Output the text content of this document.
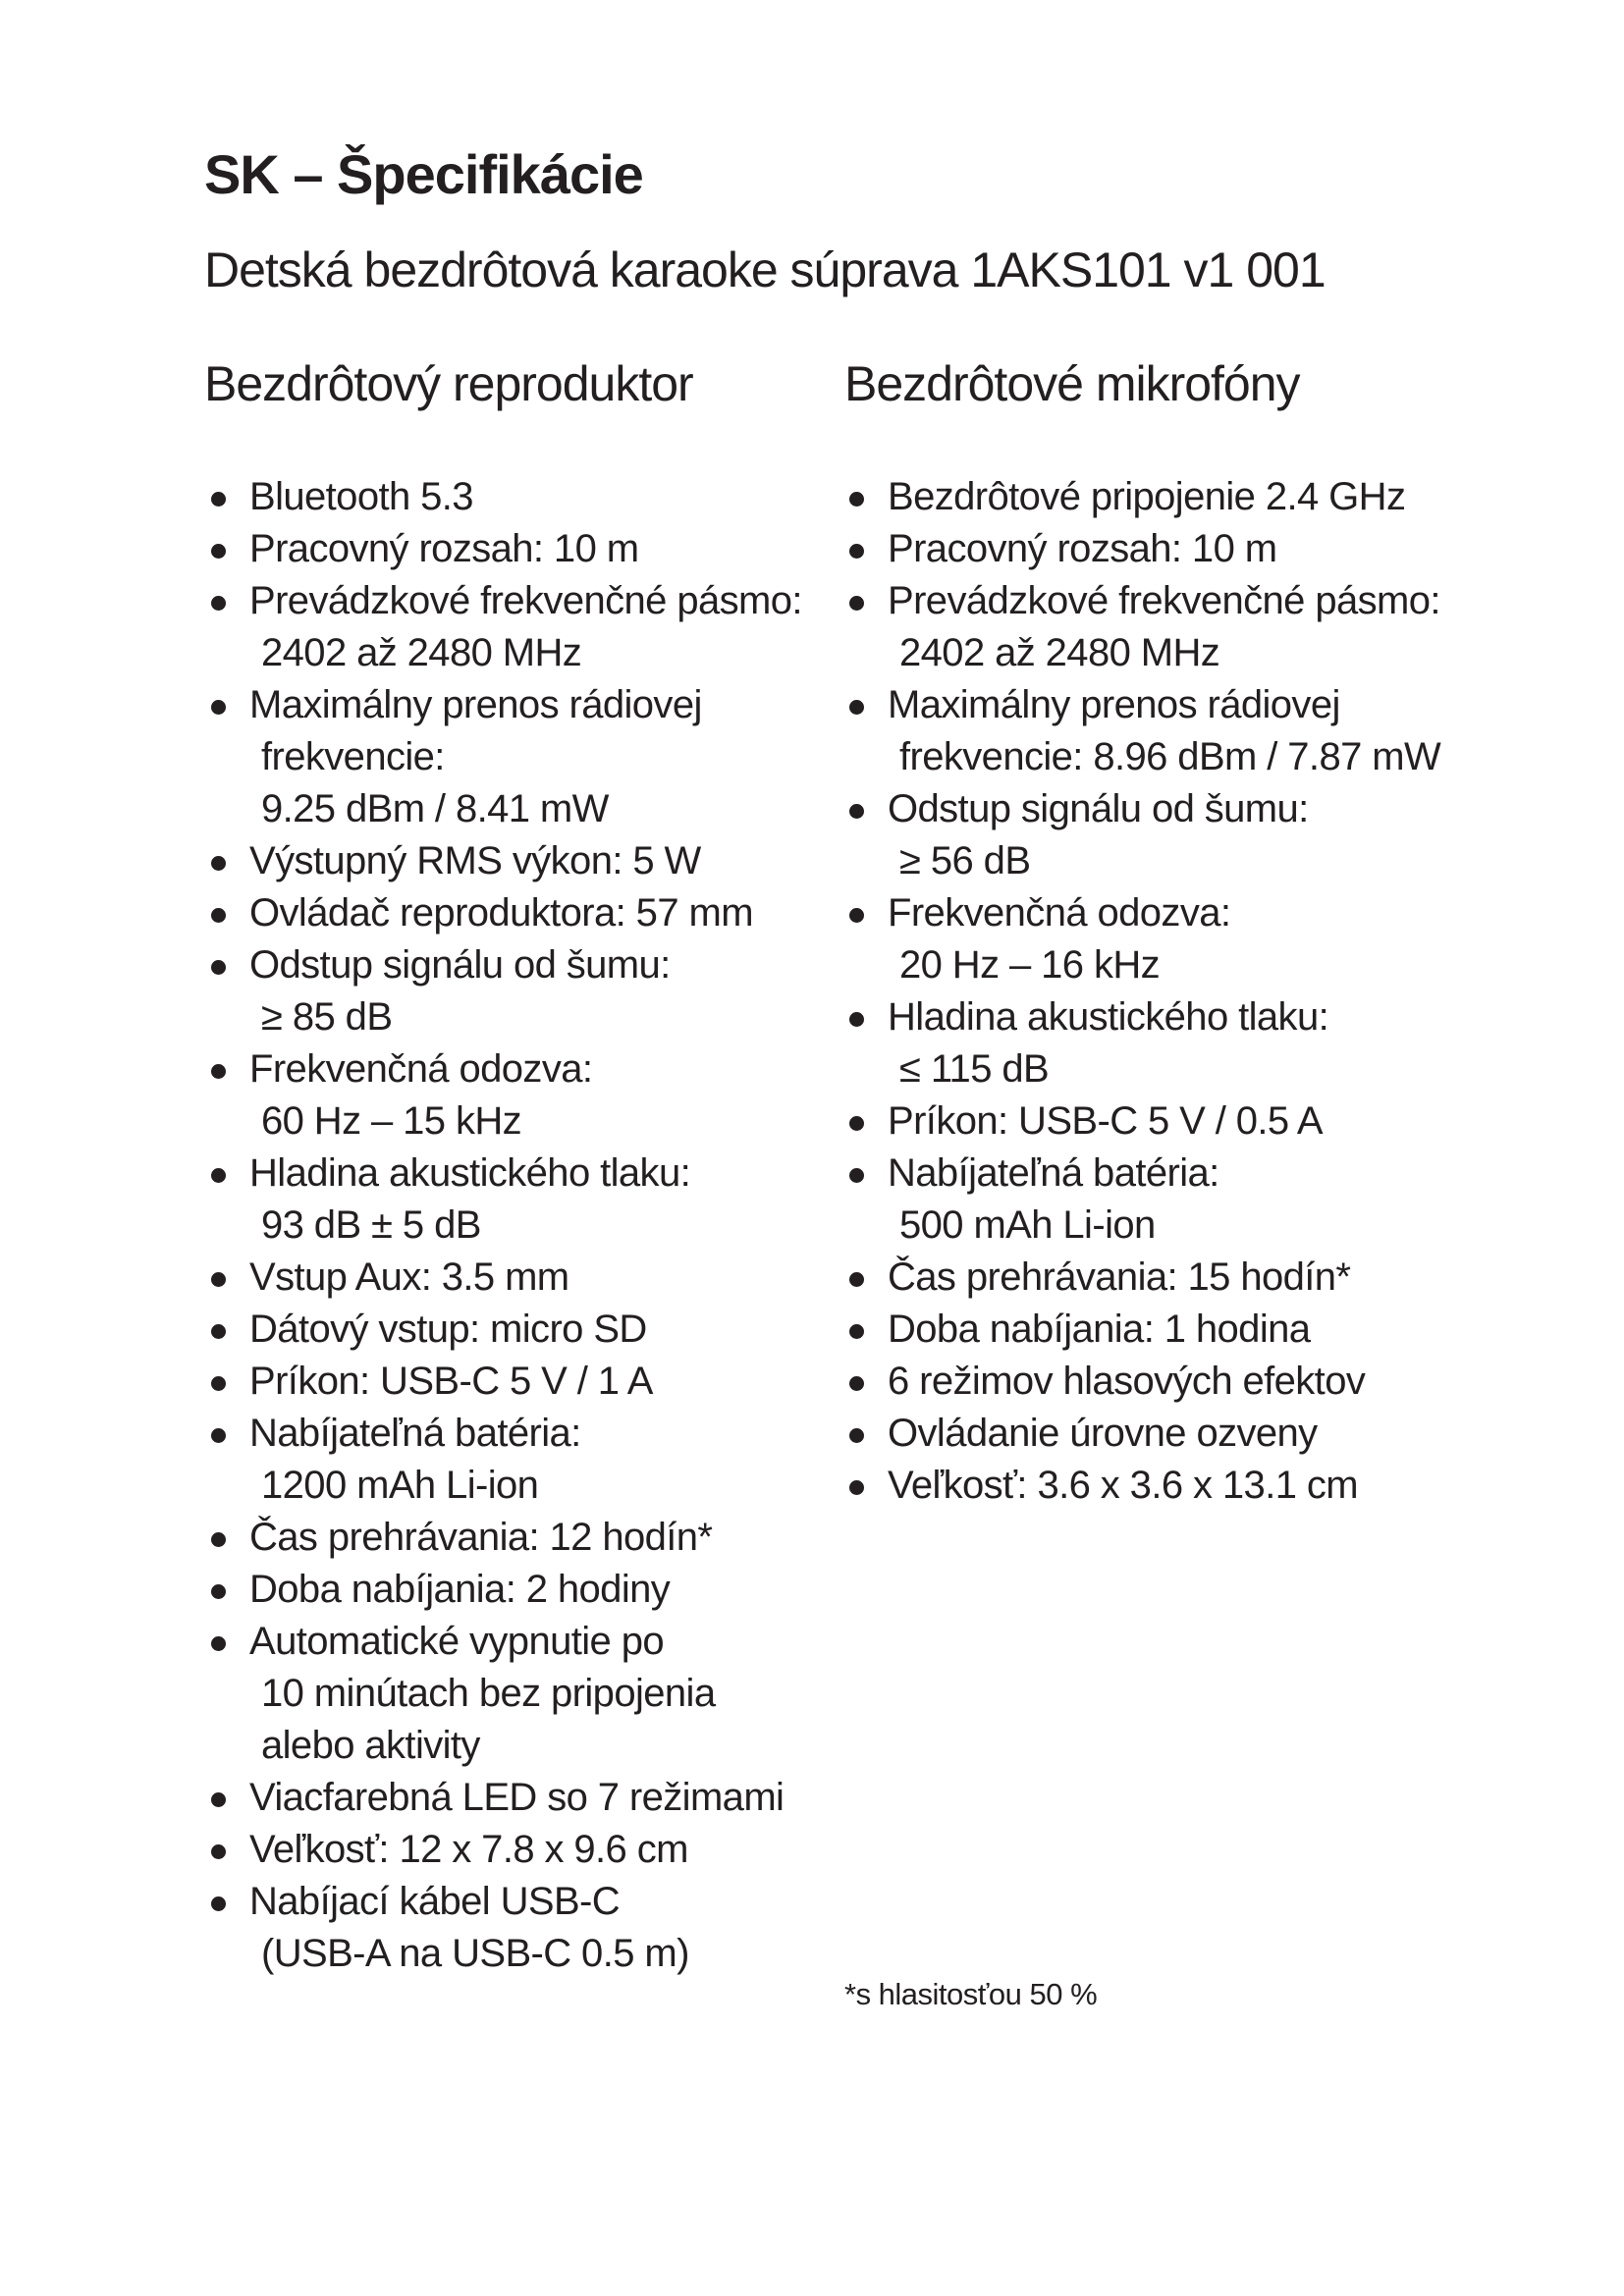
SK – Špecifikácie
Detská bezdrôtová karaoke súprava 1AKS101 v1 001
Bezdrôtový reproduktor	Bezdrôtové mikrofóny
Bluetooth 5.3
Pracovný rozsah: 10 m
Prevádzkové frekvenčné pásmo:
2402 až 2480 MHz
Maximálny prenos rádiovej
frekvencie:
9.25 dBm / 8.41 mW
Výstupný RMS výkon: 5 W
Ovládač reproduktora: 57 mm
Odstup signálu od šumu:
≥ 85 dB
Frekvenčná odozva:
60 Hz – 15 kHz
Hladina akustického tlaku:
93 dB ± 5 dB
Vstup Aux: 3.5 mm
Dátový vstup: micro SD
Príkon: USB-C 5 V / 1 A
Nabíjateľná batéria:
1200 mAh Li-ion
Čas prehrávania: 12 hodín*
Doba nabíjania: 2 hodiny
Automatické vypnutie po
10 minútach bez pripojenia
alebo aktivity
Viacfarebná LED so 7 režimami
Veľkosť: 12 x 7.8 x 9.6 cm
Nabíjací kábel USB-C
(USB-A na USB-C 0.5 m)
Bezdrôtové pripojenie 2.4 GHz
Pracovný rozsah: 10 m
Prevádzkové frekvenčné pásmo:
2402 až 2480 MHz
Maximálny prenos rádiovej
frekvencie: 8.96 dBm / 7.87 mW
Odstup signálu od šumu:
≥ 56 dB
Frekvenčná odozva:
20 Hz – 16 kHz
Hladina akustického tlaku:
≤ 115 dB
Príkon: USB-C 5 V / 0.5 A
Nabíjateľná batéria:
500 mAh Li-ion
Čas prehrávania: 15 hodín*
Doba nabíjania: 1 hodina
6 režimov hlasových efektov
Ovládanie úrovne ozveny
Veľkosť: 3.6 x 3.6 x 13.1 cm

*s hlasitosťou 50 %
